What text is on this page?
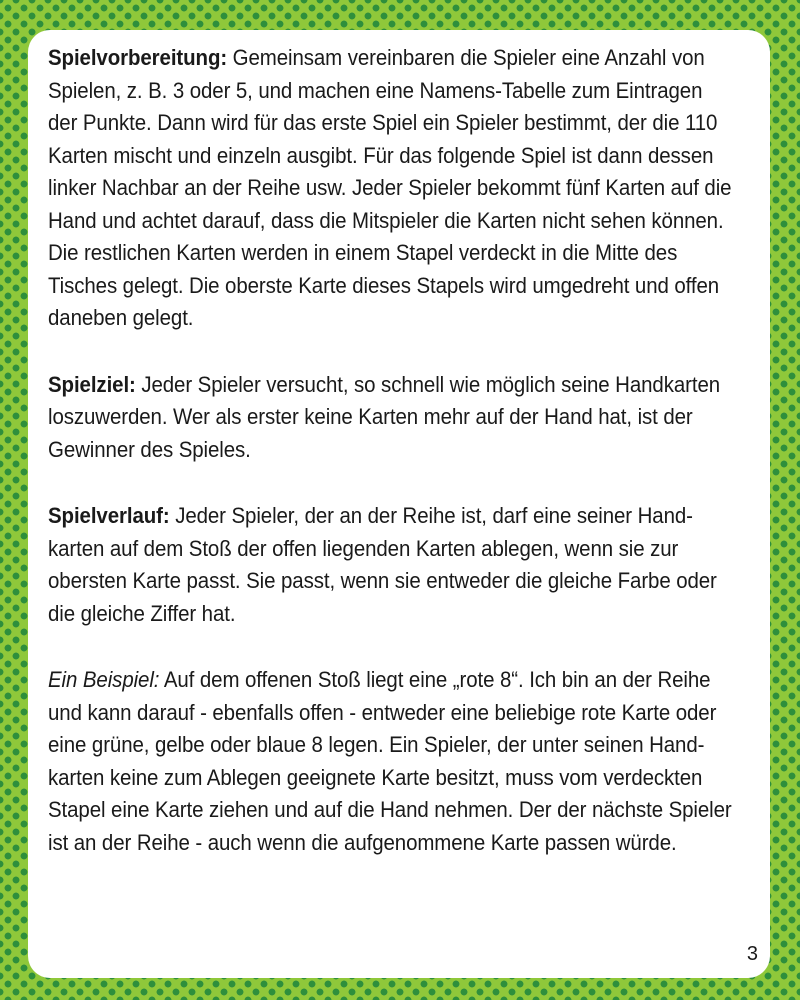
Spielvorbereitung: Gemeinsam vereinbaren die Spieler eine Anzahl von
Spielen, z. B. 3 oder 5, und machen eine Namens-Tabelle zum Eintragen
der Punkte. Dann wird für das erste Spiel ein Spieler bestimmt, der die 110
Karten mischt und einzeln ausgibt. Für das folgende Spiel ist dann dessen
linker Nachbar an der Reihe usw. Jeder Spieler bekommt fünf Karten auf die
Hand und achtet darauf, dass die Mitspieler die Karten nicht sehen können.
Die restlichen Karten werden in einem Stapel verdeckt in die Mitte des
Tisches gelegt. Die oberste Karte dieses Stapels wird umgedreht und offen
daneben gelegt.
Spielziel: Jeder Spieler versucht, so schnell wie möglich seine Handkarten
loszuwerden. Wer als erster keine Karten mehr auf der Hand hat, ist der
Gewinner des Spieles.
Spielverlauf: Jeder Spieler, der an der Reihe ist, darf eine seiner Hand-
karten auf dem Stoß der offen liegenden Karten ablegen, wenn sie zur
obersten Karte passt. Sie passt, wenn sie entweder die gleiche Farbe oder
die gleiche Ziffer hat.
Ein Beispiel: Auf dem offenen Stoß liegt eine „rote 8“. Ich bin an der Reihe
und kann darauf - ebenfalls offen - entweder eine beliebige rote Karte oder
eine grüne, gelbe oder blaue 8 legen. Ein Spieler, der unter seinen Hand-
karten keine zum Ablegen geeignete Karte besitzt, muss vom verdeckten
Stapel eine Karte ziehen und auf die Hand nehmen. Der der nächste Spieler
ist an der Reihe - auch wenn die aufgenommene Karte passen würde.
3
